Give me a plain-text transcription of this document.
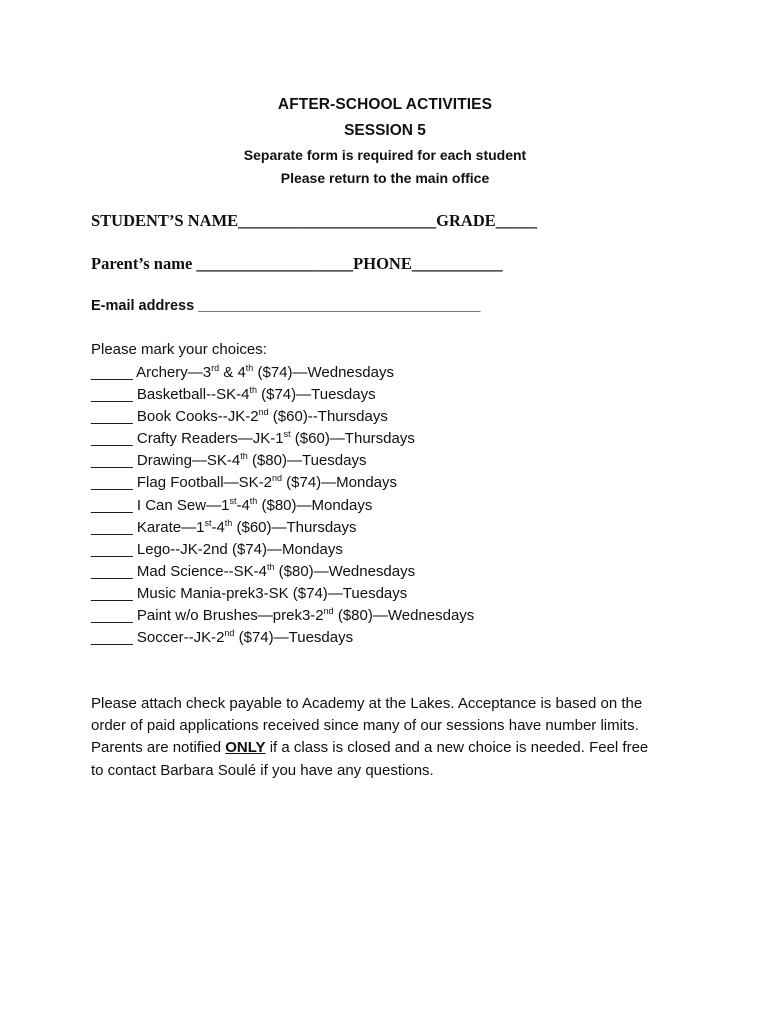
AFTER-SCHOOL ACTIVITIES
SESSION 5
Separate form is required for each student
Please return to the main office
STUDENT’S NAME________________________GRADE_____
Parent’s name ___________________PHONE___________
E-mail address ___________________________________
Please mark your choices:
_____ Archery—3rd & 4th ($74)—Wednesdays
_____ Basketball--SK-4th ($74)—Tuesdays
_____ Book Cooks--JK-2nd ($60)--Thursdays
_____ Crafty Readers—JK-1st ($60)—Thursdays
_____ Drawing—SK-4th ($80)—Tuesdays
_____ Flag Football—SK-2nd ($74)—Mondays
_____ I Can Sew—1st-4th ($80)—Mondays
_____ Karate—1st-4th ($60)—Thursdays
_____ Lego--JK-2nd ($74)—Mondays
_____ Mad Science--SK-4th ($80)—Wednesdays
_____ Music Mania-prek3-SK ($74)—Tuesdays
_____ Paint w/o Brushes—prek3-2nd ($80)—Wednesdays
_____ Soccer--JK-2nd ($74)—Tuesdays

Please attach check payable to Academy at the Lakes. Acceptance is based on the order of paid applications received since many of our sessions have number limits. Parents are notified ONLY if a class is closed and a new choice is needed. Feel free to contact Barbara Soulé if you have any questions.
